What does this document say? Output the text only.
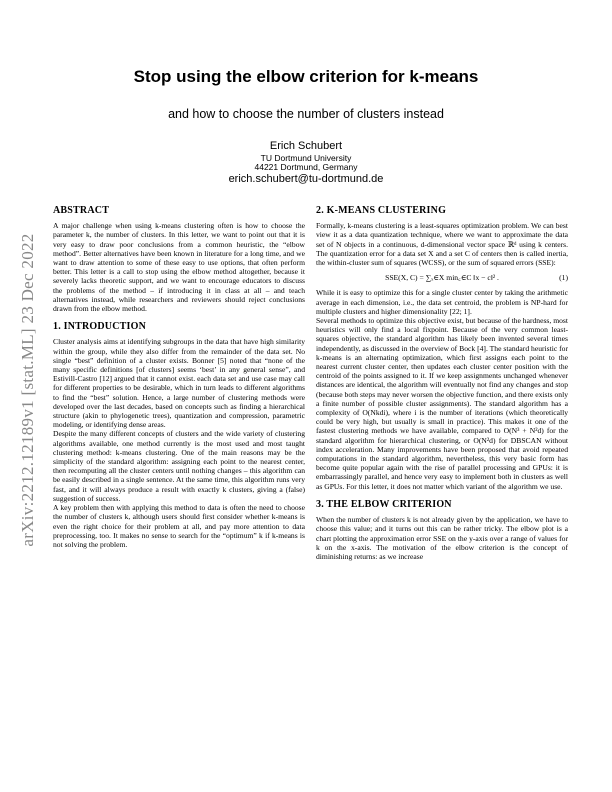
arXiv:2212.12189v1 [stat.ML] 23 Dec 2022
Stop using the elbow criterion for k-means
and how to choose the number of clusters instead
Erich Schubert
TU Dortmund University
44221 Dortmund, Germany
erich.schubert@tu-dortmund.de
ABSTRACT

A major challenge when using k-means clustering often is how to choose the parameter k, the number of clusters. In this letter, we want to point out that it is very easy to draw poor conclusions from a common heuristic, the “elbow method”. Better alternatives have been known in literature for a long time, and we want to draw attention to some of these easy to use options, that often perform better. This letter is a call to stop using the elbow method altogether, because it severely lacks theoretic support, and we want to encourage educators to discuss the problems of the method – if introducing it in class at all – and teach alternatives instead, while researchers and reviewers should reject conclusions drawn from the elbow method.

1. INTRODUCTION

Cluster analysis aims at identifying subgroups in the data that have high similarity within the group, while they also differ from the remainder of the data set. No single “best” definition of a cluster exists. Bonner [5] noted that “none of the many specific definitions [of clusters] seems ‘best’ in any general sense”, and Estivill-Castro [12] argued that it cannot exist. each data set and use case may call for different properties to be desirable, which in turn leads to different algorithms to find the “best” solution. Hence, a large number of clustering methods were developed over the last decades, based on concepts such as finding a hierarchical structure (akin to phylogenetic trees), quantization and compression, parametric modeling, or identifying dense areas.

Despite the many different concepts of clusters and the wide variety of clustering algorithms available, one method currently is the most used and most taught clustering method: k-means clustering. One of the main reasons may be the simplicity of the standard algorithm: assigning each point to the nearest center, then recomputing all the cluster centers until nothing changes – this algorithm can be easily described in a single sentence. At the same time, this algorithm runs very fast, and it will always produce a result with exactly k clusters, giving a (false) suggestion of success.

A key problem then with applying this method to data is often the need to choose the number of clusters k, although users should first consider whether k-means is even the right choice for their problem at all, and pay more attention to data preprocessing, too. It makes no sense to search for the “optimum” k if k-means is not solving the problem.

2. K-MEANS CLUSTERING

Formally, k-means clustering is a least-squares optimization problem. We can best view it as a data quantization technique, where we want to approximate the data set of N objects in a continuous, d-dimensional vector space ℝᵈ using k centers. The quantization error for a data set X and a set C of centers then is called inertia, the within-cluster sum of squares (WCSS), or the sum of squared errors (SSE):

SSE(X, C) = ∑ₓ∈X min꜀∈C ‖x − c‖² .	(1)

While it is easy to optimize this for a single cluster center by taking the arithmetic average in each dimension, i.e., the data set centroid, the problem is NP-hard for multiple clusters and higher dimensionality [22; 1].

Several methods to optimize this objective exist, but because of the hardness, most heuristics will only find a local fixpoint. Because of the very common least-squares objective, the standard algorithm has likely been invented several times independently, as discussed in the overview of Bock [4]. The standard heuristic for k-means is an alternating optimization, which first assigns each point to the nearest current cluster center, then updates each cluster center position with the centroid of the points assigned to it. If we keep assignments unchanged whenever distances are identical, the algorithm will eventually not find any changes and stop (because both steps may never worsen the objective function, and there exists only a finite number of possible cluster assignments). The standard algorithm has a complexity of O(Nkdi), where i is the number of iterations (which theoretically could be very high, but usually is small in practice). This makes it one of the fastest clustering methods we have available, compared to O(N³ + N²d) for the standard algorithm for hierarchical clustering, or O(N²d) for DBSCAN without index acceleration. Many improvements have been proposed that avoid repeated computations in the standard algorithm, nevertheless, this very basic form has become quite popular again with the rise of parallel processing and GPUs: it is embarrassingly parallel, and hence very easy to implement both in clusters as well as GPUs. For this letter, it does not matter which variant of the algorithm we use.

3. THE ELBOW CRITERION

When the number of clusters k is not already given by the application, we have to choose this value; and it turns out this can be rather tricky. The elbow plot is a chart plotting the approximation error SSE on the y-axis over a range of values for k on the x-axis. The motivation of the elbow criterion is the concept of diminishing returns: as we increase
